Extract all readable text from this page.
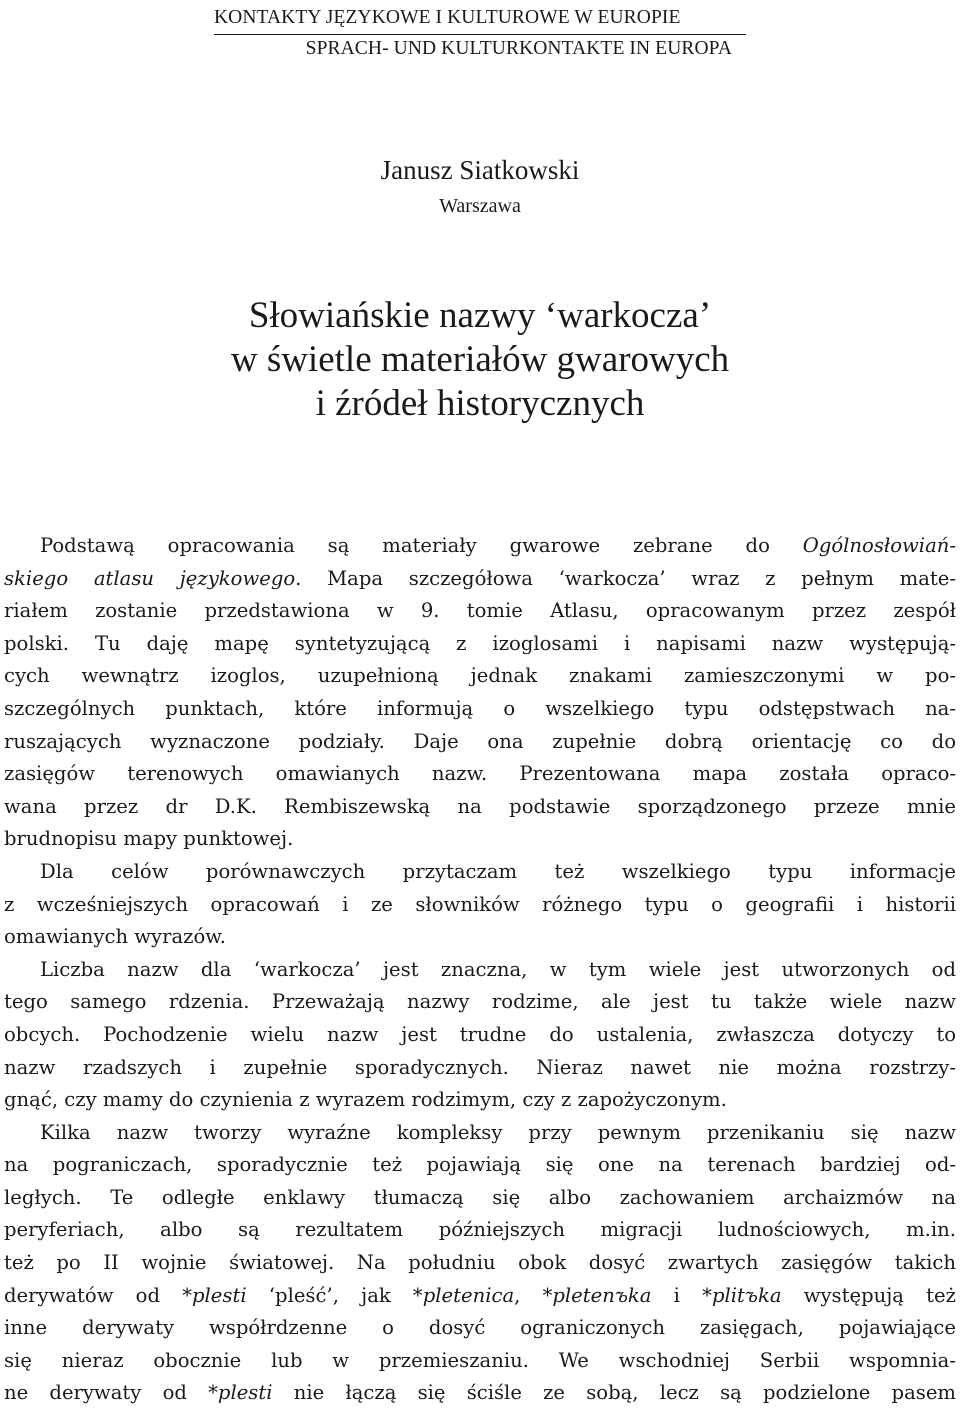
KONTAKTY JĘZYKOWE I KULTUROWE W EUROPIE
SPRACH- UND KULTURKONTAKTE IN EUROPA
Janusz Siatkowski
Warszawa
Słowiańskie nazwy ‘warkocza’
w świetle materiałów gwarowych
i źródeł historycznych
Podstawą opracowania są materiały gwarowe zebrane do Ogólnosłowiań-
skiego atlasu językowego. Mapa szczegółowa ‘warkocza’ wraz z pełnym mate-
riałem zostanie przedstawiona w 9. tomie Atlasu, opracowanym przez zespół
polski. Tu daję mapę syntetyzującą z izoglosami i napisami nazw występują-
cych wewnątrz izoglos, uzupełnioną jednak znakami zamieszczonymi w po-
szczególnych punktach, które informują o wszelkiego typu odstępstwach na-
ruszających wyznaczone podziały. Daje ona zupełnie dobrą orientację co do
zasięgów terenowych omawianych nazw. Prezentowana mapa została opraco-
wana przez dr D.K. Rembiszewską na podstawie sporządzonego przeze mnie
brudnopisu mapy punktowej.
Dla celów porównawczych przytaczam też wszelkiego typu informacje
z wcześniejszych opracowań i ze słowników różnego typu o geografii i historii
omawianych wyrazów.
Liczba nazw dla ‘warkocza’ jest znaczna, w tym wiele jest utworzonych od
tego samego rdzenia. Przeważają nazwy rodzime, ale jest tu także wiele nazw
obcych. Pochodzenie wielu nazw jest trudne do ustalenia, zwłaszcza dotyczy to
nazw rzadszych i zupełnie sporadycznych. Nieraz nawet nie można rozstrzy-
gnąć, czy mamy do czynienia z wyrazem rodzimym, czy z zapożyczonym.
Kilka nazw tworzy wyraźne kompleksy przy pewnym przenikaniu się nazw
na pograniczach, sporadycznie też pojawiają się one na terenach bardziej od-
ległych. Te odległe enklawy tłumaczą się albo zachowaniem archaizmów na
peryferiach, albo są rezultatem późniejszych migracji ludnościowych, m.in.
też po II wojnie światowej. Na południu obok dosyć zwartych zasięgów takich
derywatów od *plesti ‘pleść’, jak *pletenica, *pletenъka i *plitъka występują też
inne derywaty współrdzenne o dosyć ograniczonych zasięgach, pojawiające
się nieraz obocznie lub w przemieszaniu. We wschodniej Serbii wspomnia-
ne derywaty od *plesti nie łączą się ściśle ze sobą, lecz są podzielone pasem
